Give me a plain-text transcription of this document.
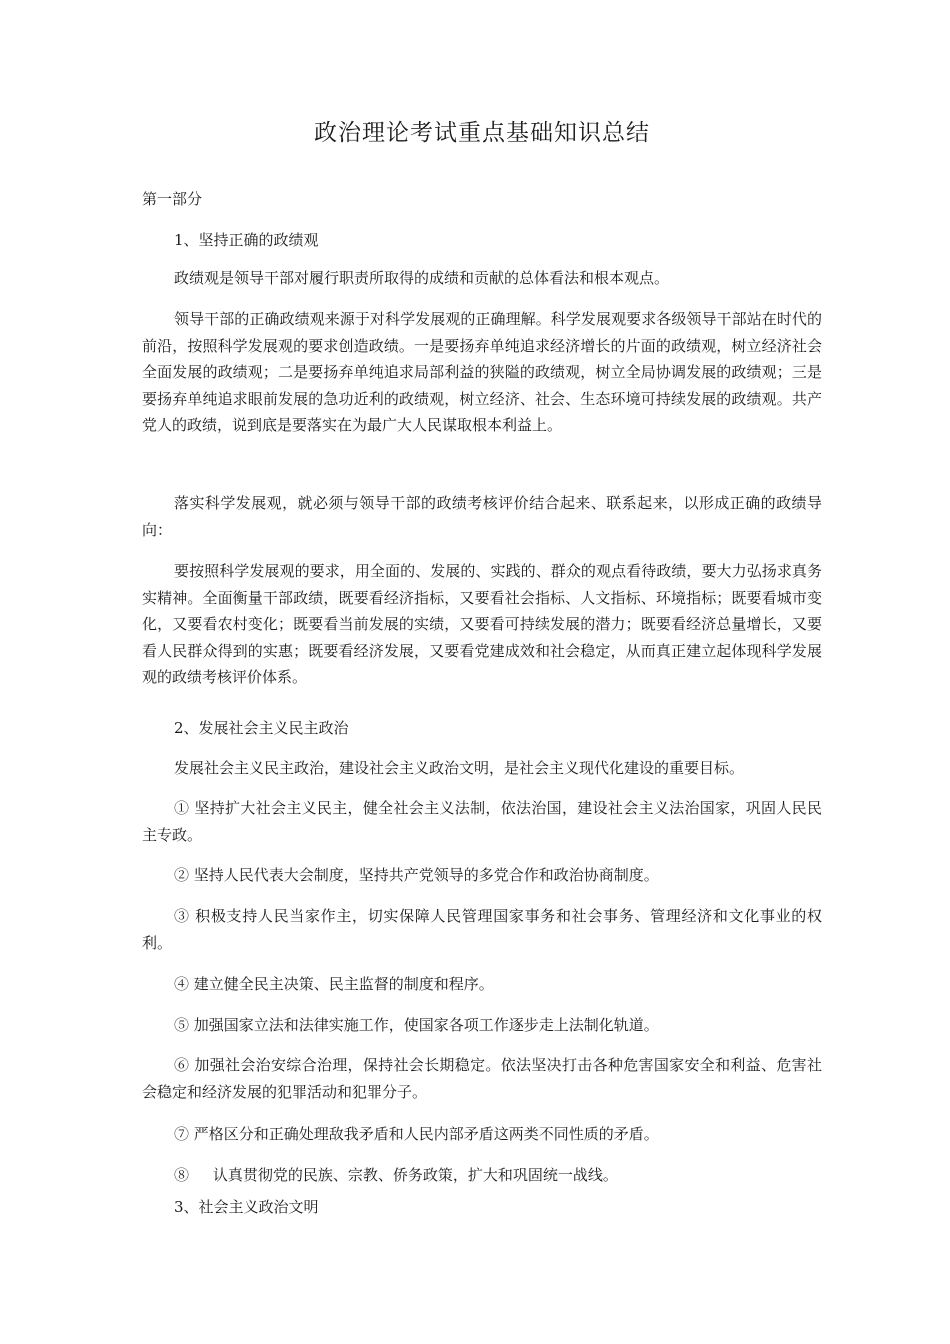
政治理论考试重点基础知识总结

第一部分

1、坚持正确的政绩观

政绩观是领导干部对履行职责所取得的成绩和贡献的总体看法和根本观点。

领导干部的正确政绩观来源于对科学发展观的正确理解。科学发展观要求各级领导干部站在时代的前沿，按照科学发展观的要求创造政绩。一是要扬弃单纯追求经济增长的片面的政绩观，树立经济社会全面发展的政绩观；二是要扬弃单纯追求局部利益的狭隘的政绩观，树立全局协调发展的政绩观；三是要扬弃单纯追求眼前发展的急功近利的政绩观，树立经济、社会、生态环境可持续发展的政绩观。共产党人的政绩，说到底是要落实在为最广大人民谋取根本利益上。

落实科学发展观，就必须与领导干部的政绩考核评价结合起来、联系起来，以形成正确的政绩导向：

要按照科学发展观的要求，用全面的、发展的、实践的、群众的观点看待政绩，要大力弘扬求真务实精神。全面衡量干部政绩，既要看经济指标，又要看社会指标、人文指标、环境指标；既要看城市变化，又要看农村变化；既要看当前发展的实绩，又要看可持续发展的潜力；既要看经济总量增长，又要看人民群众得到的实惠；既要看经济发展，又要看党建成效和社会稳定，从而真正建立起体现科学发展观的政绩考核评价体系。

2、发展社会主义民主政治

发展社会主义民主政治，建设社会主义政治文明，是社会主义现代化建设的重要目标。

① 坚持扩大社会主义民主，健全社会主义法制，依法治国，建设社会主义法治国家，巩固人民民主专政。

② 坚持人民代表大会制度，坚持共产党领导的多党合作和政治协商制度。

③ 积极支持人民当家作主，切实保障人民管理国家事务和社会事务、管理经济和文化事业的权利。

④ 建立健全民主决策、民主监督的制度和程序。

⑤ 加强国家立法和法律实施工作，使国家各项工作逐步走上法制化轨道。

⑥ 加强社会治安综合治理，保持社会长期稳定。依法坚决打击各种危害国家安全和利益、危害社会稳定和经济发展的犯罪活动和犯罪分子。

⑦ 严格区分和正确处理敌我矛盾和人民内部矛盾这两类不同性质的矛盾。

⑧     认真贯彻党的民族、宗教、侨务政策，扩大和巩固统一战线。

3、社会主义政治文明
